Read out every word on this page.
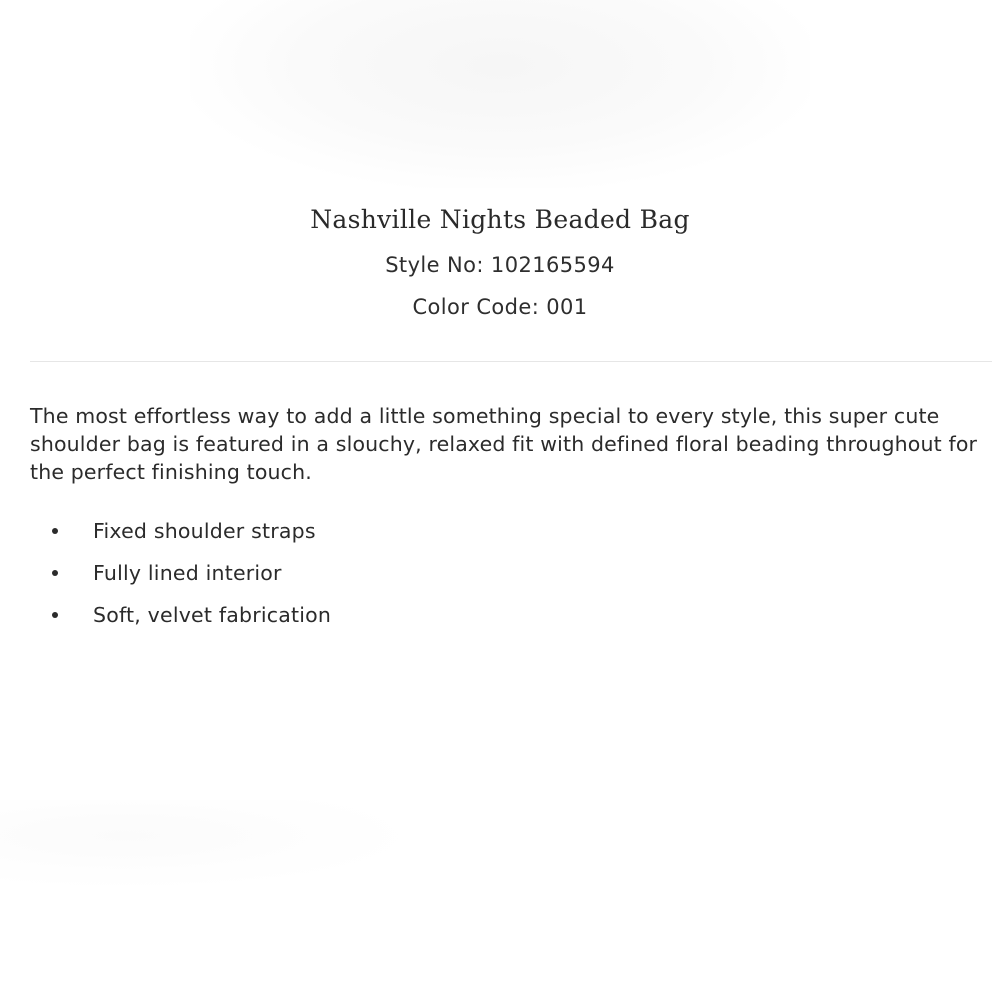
Nashville Nights Beaded Bag

Style No: 102165594

Color Code: 001

The most effortless way to add a little something special to every style, this super cute shoulder bag is featured in a slouchy, relaxed fit with defined floral beading throughout for the perfect finishing touch.

Fixed shoulder straps
Fully lined interior
Soft, velvet fabrication
